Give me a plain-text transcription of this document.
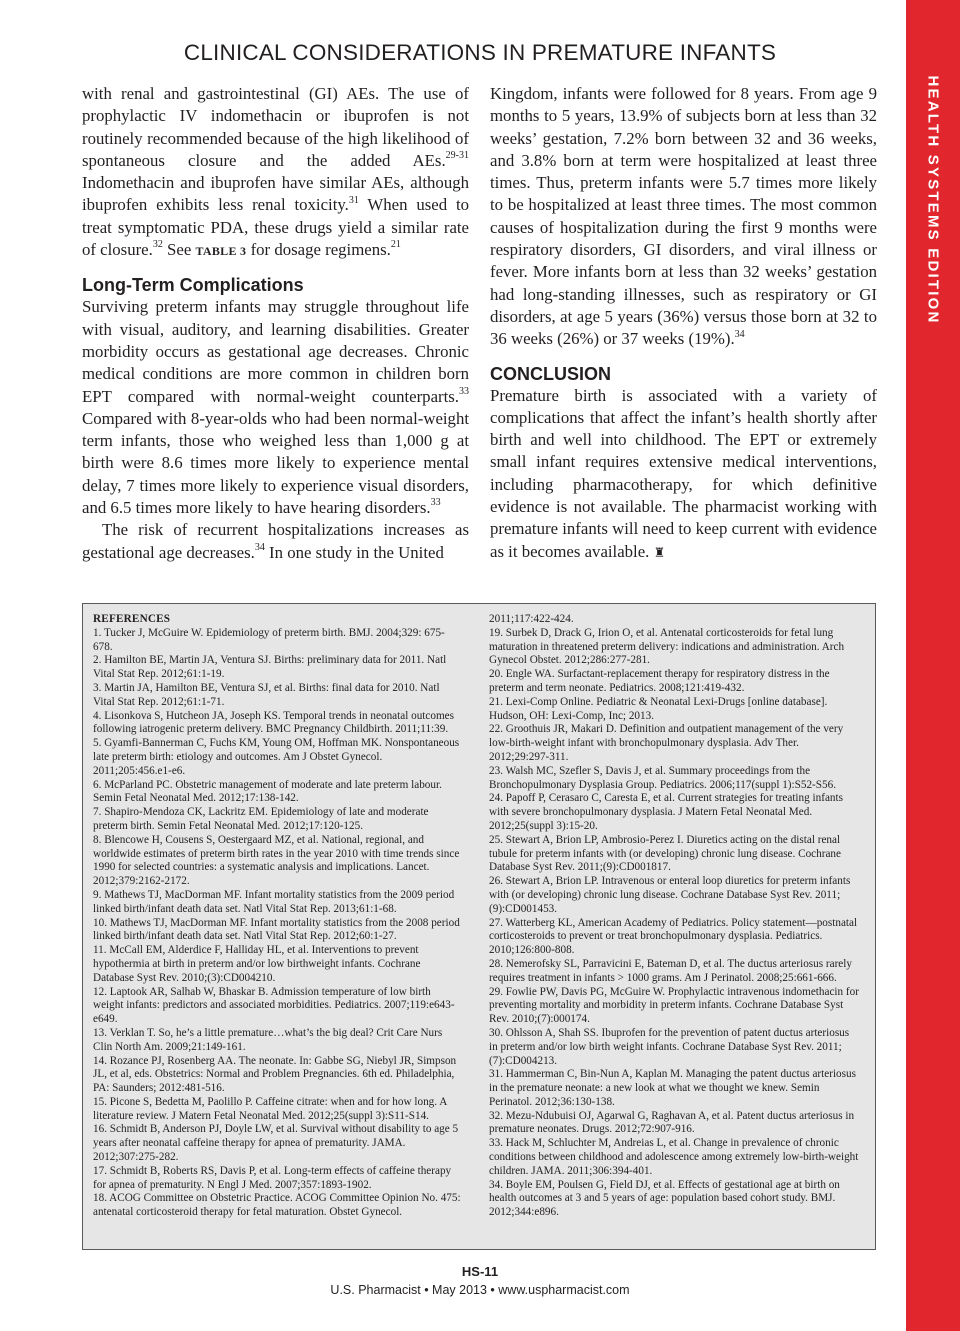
HEALTH SYSTEMS EDITION
CLINICAL CONSIDERATIONS IN PREMATURE INFANTS

with renal and gastrointestinal (GI) AEs. The use of prophylactic IV indomethacin or ibuprofen is not routinely recommended because of the high likelihood of spontaneous closure and the added AEs.$^{29-31}$ Indomethacin and ibuprofen have similar AEs, although ibuprofen exhibits less renal toxicity.$^{31}$ When used to treat symptomatic PDA, these drugs yield a similar rate of closure.$^{32}$ See TABLE 3 for dosage regimens.$^{21}$

Long-Term Complications

Surviving preterm infants may struggle throughout life with visual, auditory, and learning disabilities. Greater morbidity occurs as gestational age decreases. Chronic medical conditions are more common in children born EPT compared with normal-weight counterparts.$^{33}$ Compared with 8-year-olds who had been normal-weight term infants, those who weighed less than 1,000 g at birth were 8.6 times more likely to experience mental delay, 7 times more likely to experience visual disorders, and 6.5 times more likely to have hearing disorders.$^{33}$

The risk of recurrent hospitalizations increases as gestational age decreases.$^{34}$ In one study in the United

Kingdom, infants were followed for 8 years. From age 9 months to 5 years, 13.9% of subjects born at less than 32 weeks’ gestation, 7.2% born between 32 and 36 weeks, and 3.8% born at term were hospitalized at least three times. Thus, preterm infants were 5.7 times more likely to be hospitalized at least three times. The most common causes of hospitalization during the first 9 months were respiratory disorders, GI disorders, and viral illness or fever. More infants born at less than 32 weeks’ gestation had long-standing illnesses, such as respiratory or GI disorders, at age 5 years (36%) versus those born at 32 to 36 weeks (26%) or 37 weeks (19%).$^{34}$

CONCLUSION

Premature birth is associated with a variety of complications that affect the infant’s health shortly after birth and well into childhood. The EPT or extremely small infant requires extensive medical interventions, including pharmacotherapy, for which definitive evidence is not available. The pharmacist working with premature infants will need to keep current with evidence as it becomes available. ♜

REFERENCES

1. Tucker J, McGuire W. Epidemiology of preterm birth. BMJ. 2004;329: 675-678.

2. Hamilton BE, Martin JA, Ventura SJ. Births: preliminary data for 2011. Natl Vital Stat Rep. 2012;61:1-19.

3. Martin JA, Hamilton BE, Ventura SJ, et al. Births: final data for 2010. Natl Vital Stat Rep. 2012;61:1-71.

4. Lisonkova S, Hutcheon JA, Joseph KS. Temporal trends in neonatal outcomes following iatrogenic preterm delivery. BMC Pregnancy Childbirth. 2011;11:39.

5. Gyamfi-Bannerman C, Fuchs KM, Young OM, Hoffman MK. Nonspontaneous late preterm birth: etiology and outcomes. Am J Obstet Gynecol. 2011;205:456.e1-e6.

6. McParland PC. Obstetric management of moderate and late preterm labour. Semin Fetal Neonatal Med. 2012;17:138-142.

7. Shapiro-Mendoza CK, Lackritz EM. Epidemiology of late and moderate preterm birth. Semin Fetal Neonatal Med. 2012;17:120-125.

8. Blencowe H, Cousens S, Oestergaard MZ, et al. National, regional, and worldwide estimates of preterm birth rates in the year 2010 with time trends since 1990 for selected countries: a systematic analysis and implications. Lancet. 2012;379:2162-2172.

9. Mathews TJ, MacDorman MF. Infant mortality statistics from the 2009 period linked birth/infant death data set. Natl Vital Stat Rep. 2013;61:1-68.

10. Mathews TJ, MacDorman MF. Infant mortality statistics from the 2008 period linked birth/infant death data set. Natl Vital Stat Rep. 2012;60:1-27.

11. McCall EM, Alderdice F, Halliday HL, et al. Interventions to prevent hypothermia at birth in preterm and/or low birthweight infants. Cochrane Database Syst Rev. 2010;(3):CD004210.

12. Laptook AR, Salhab W, Bhaskar B. Admission temperature of low birth weight infants: predictors and associated morbidities. Pediatrics. 2007;119:e643-e649.

13. Verklan T. So, he’s a little premature…what’s the big deal? Crit Care Nurs Clin North Am. 2009;21:149-161.

14. Rozance PJ, Rosenberg AA. The neonate. In: Gabbe SG, Niebyl JR, Simpson JL, et al, eds. Obstetrics: Normal and Problem Pregnancies. 6th ed. Philadelphia, PA: Saunders; 2012:481-516.

15. Picone S, Bedetta M, Paolillo P. Caffeine citrate: when and for how long. A literature review. J Matern Fetal Neonatal Med. 2012;25(suppl 3):S11-S14.

16. Schmidt B, Anderson PJ, Doyle LW, et al. Survival without disability to age 5 years after neonatal caffeine therapy for apnea of prematurity. JAMA. 2012;307:275-282.

17. Schmidt B, Roberts RS, Davis P, et al. Long-term effects of caffeine therapy for apnea of prematurity. N Engl J Med. 2007;357:1893-1902.

18. ACOG Committee on Obstetric Practice. ACOG Committee Opinion No. 475: antenatal corticosteroid therapy for fetal maturation. Obstet Gynecol.

2011;117:422-424.

19. Surbek D, Drack G, Irion O, et al. Antenatal corticosteroids for fetal lung maturation in threatened preterm delivery: indications and administration. Arch Gynecol Obstet. 2012;286:277-281.

20. Engle WA. Surfactant-replacement therapy for respiratory distress in the preterm and term neonate. Pediatrics. 2008;121:419-432.

21. Lexi-Comp Online. Pediatric & Neonatal Lexi-Drugs [online database]. Hudson, OH: Lexi-Comp, Inc; 2013.

22. Groothuis JR, Makari D. Definition and outpatient management of the very low-birth-weight infant with bronchopulmonary dysplasia. Adv Ther. 2012;29:297-311.

23. Walsh MC, Szefler S, Davis J, et al. Summary proceedings from the Bronchopulmonary Dysplasia Group. Pediatrics. 2006;117(suppl 1):S52-S56.

24. Papoff P, Cerasaro C, Caresta E, et al. Current strategies for treating infants with severe bronchopulmonary dysplasia. J Matern Fetal Neonatal Med. 2012;25(suppl 3):15-20.

25. Stewart A, Brion LP, Ambrosio-Perez I. Diuretics acting on the distal renal tubule for preterm infants with (or developing) chronic lung disease. Cochrane Database Syst Rev. 2011;(9):CD001817.

26. Stewart A, Brion LP. Intravenous or enteral loop diuretics for preterm infants with (or developing) chronic lung disease. Cochrane Database Syst Rev. 2011;(9):CD001453.

27. Watterberg KL, American Academy of Pediatrics. Policy statement—postnatal corticosteroids to prevent or treat bronchopulmonary dysplasia. Pediatrics. 2010;126:800-808.

28. Nemerofsky SL, Parravicini E, Bateman D, et al. The ductus arteriosus rarely requires treatment in infants > 1000 grams. Am J Perinatol. 2008;25:661-666.

29. Fowlie PW, Davis PG, McGuire W. Prophylactic intravenous indomethacin for preventing mortality and morbidity in preterm infants. Cochrane Database Syst Rev. 2010;(7):000174.

30. Ohlsson A, Shah SS. Ibuprofen for the prevention of patent ductus arteriosus in preterm and/or low birth weight infants. Cochrane Database Syst Rev. 2011;(7):CD004213.

31. Hammerman C, Bin-Nun A, Kaplan M. Managing the patent ductus arteriosus in the premature neonate: a new look at what we thought we knew. Semin Perinatol. 2012;36:130-138.

32. Mezu-Ndubuisi OJ, Agarwal G, Raghavan A, et al. Patent ductus arteriosus in premature neonates. Drugs. 2012;72:907-916.

33. Hack M, Schluchter M, Andreias L, et al. Change in prevalence of chronic conditions between childhood and adolescence among extremely low-birth-weight children. JAMA. 2011;306:394-401.

34. Boyle EM, Poulsen G, Field DJ, et al. Effects of gestational age at birth on health outcomes at 3 and 5 years of age: population based cohort study. BMJ. 2012;344:e896.

HS-11
U.S. Pharmacist • May 2013 • www.uspharmacist.com
